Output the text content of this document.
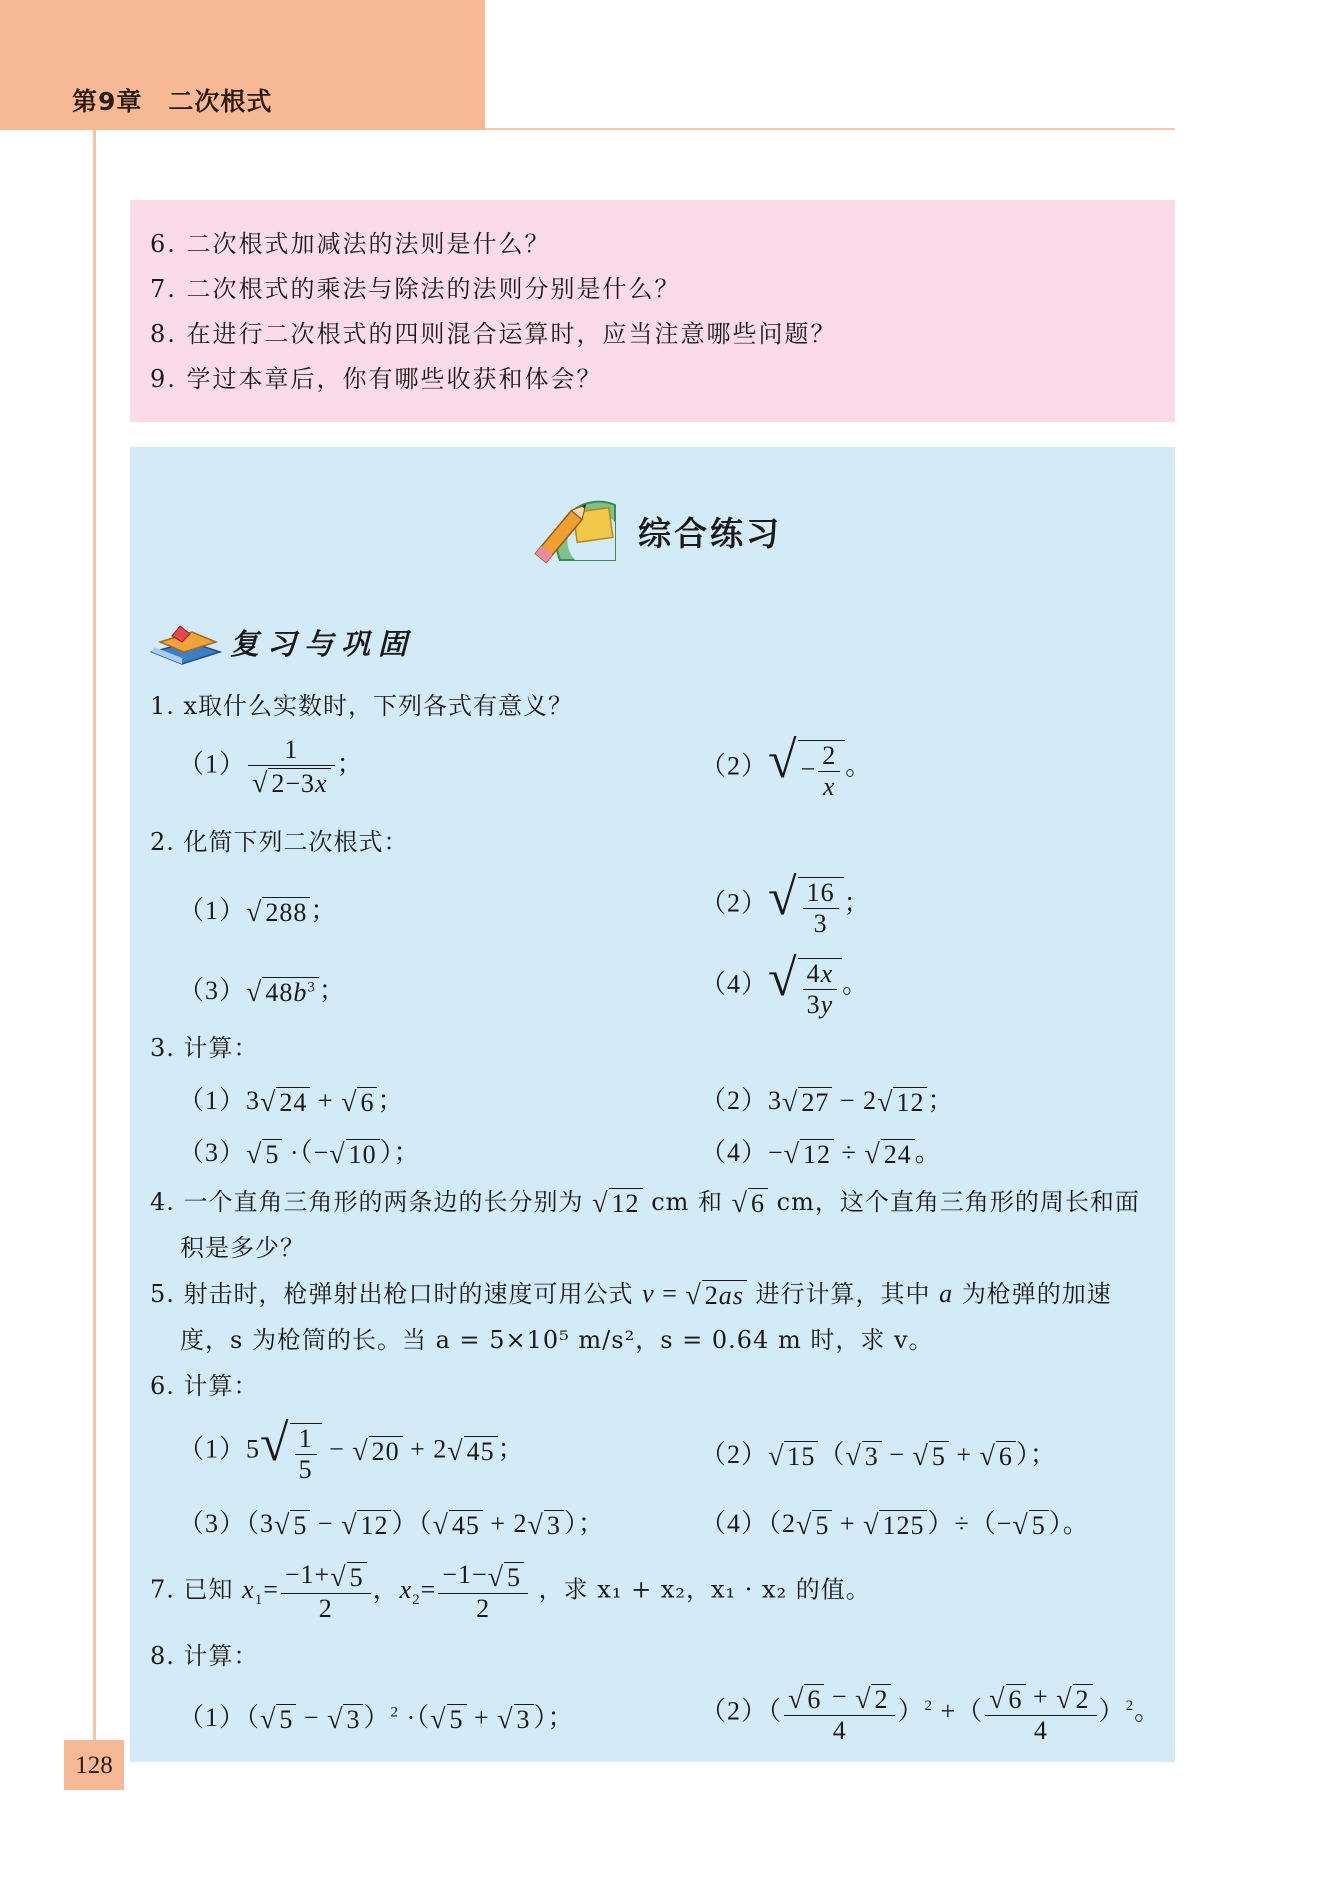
第9章 二次根式
6. 二次根式加减法的法则是什么？
7. 二次根式的乘法与除法的法则分别是什么？
8. 在进行二次根式的四则混合运算时，应当注意哪些问题？
9. 学过本章后，你有哪些收获和体会？
综合练习
复习与巩固
1. x取什么实数时，下列各式有意义？
$(1) \frac{1}{√ 2-3x}$ ；	$(2)√ - \frac{2}{x}$ 。
2. 化简下列二次根式：
（1）√ 288 ；	$(2)√ \frac{16}{3}$ ；
（3）√ $48b^3$ ；	$(4)√ \frac{4x}{3y}$ 。
3. 计算：
（1）3√ 24 + √ 6 ；	（2）3√ 27 − 2√ 12 ；
（3）√ 5 ·（−√ 10 ）；	（4）−√ 12 ÷ √ 24 。
4. 一个直角三角形的两条边的长分别为 √ 12 cm 和 √ 6 cm，这个直角三角形的周长和面
积是多少？
5. 射击时，枪弹射出枪口时的速度可用公式 v = √ 2as 进行计算，其中 a 为枪弹的加速
度，s 为枪筒的长。当 a = 5×10⁵ m/s²，s = 0.64 m 时，求 v。
6. 计算：
$(1)5√ \frac{1}{5}$ − √ 20 + 2√ 45 ；	（2）√ 15 （√ 3 − √ 5 + √ 6 ）；
（3）（3√ 5 − √ 12 ）（√ 45 + 2√ 3 ）；	（4）（2√ 5 + √ 125 ）÷（−√ 5 ）。
7. 已知 $x_1= \frac{-1+√ 5}{2}$ ，$x_2= \frac{-1-√ 5}{2}$ ，求 x₁ + x₂，x₁ · x₂ 的值。
8. 计算：
（1）（√ 5 − √ 3 ）$^2$ ·（√ 5 + √ 3 ）；	$(2)( \frac{√ 6 - √ 2}{4} )^2$ +（ $\frac{√ 6 + √ 2}{4} )^2$。
128
